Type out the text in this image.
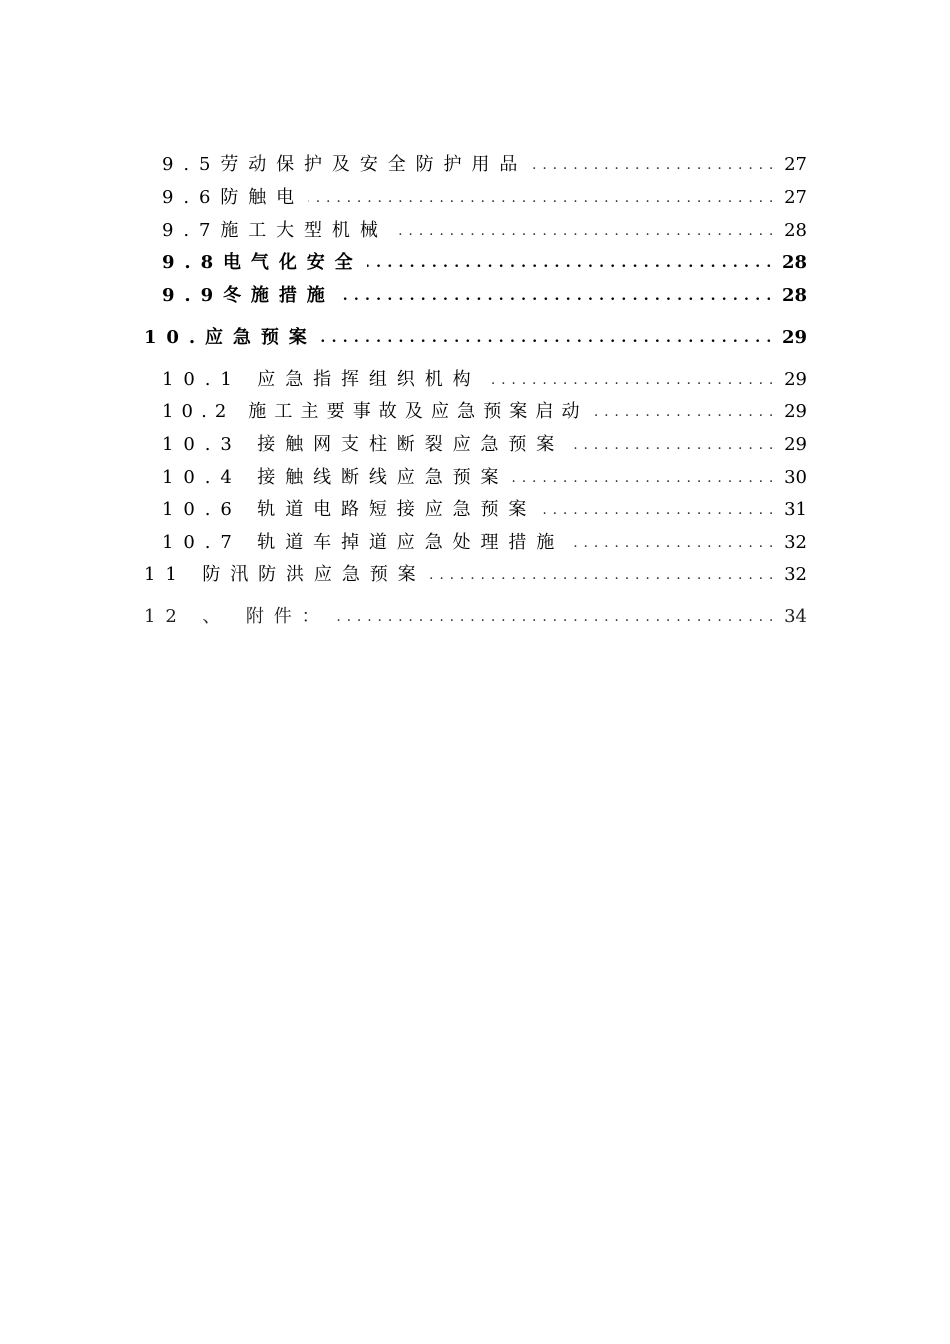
9.5劳动保护及安全防护用品 . . .	27
9.6防触电 . . .	27
9.7施工大型机械 . . .	28
9.8电气化安全 . . .	28
9.9冬施措施 . . .	28
10.应急预案 . . .	29
10.1 应急指挥组织机构 . . .	29
10.2 施工主要事故及应急预案启动 . . .	29
10.3 接触网支柱断裂应急预案 . . .	29
10.4 接触线断线应急预案 . . .	30
10.6 轨道电路短接应急预案 . . .	31
10.7 轨道车掉道应急处理措施 . . .	32
11 防汛防洪应急预案 . . .	32
12 、 附件： . . .	34
